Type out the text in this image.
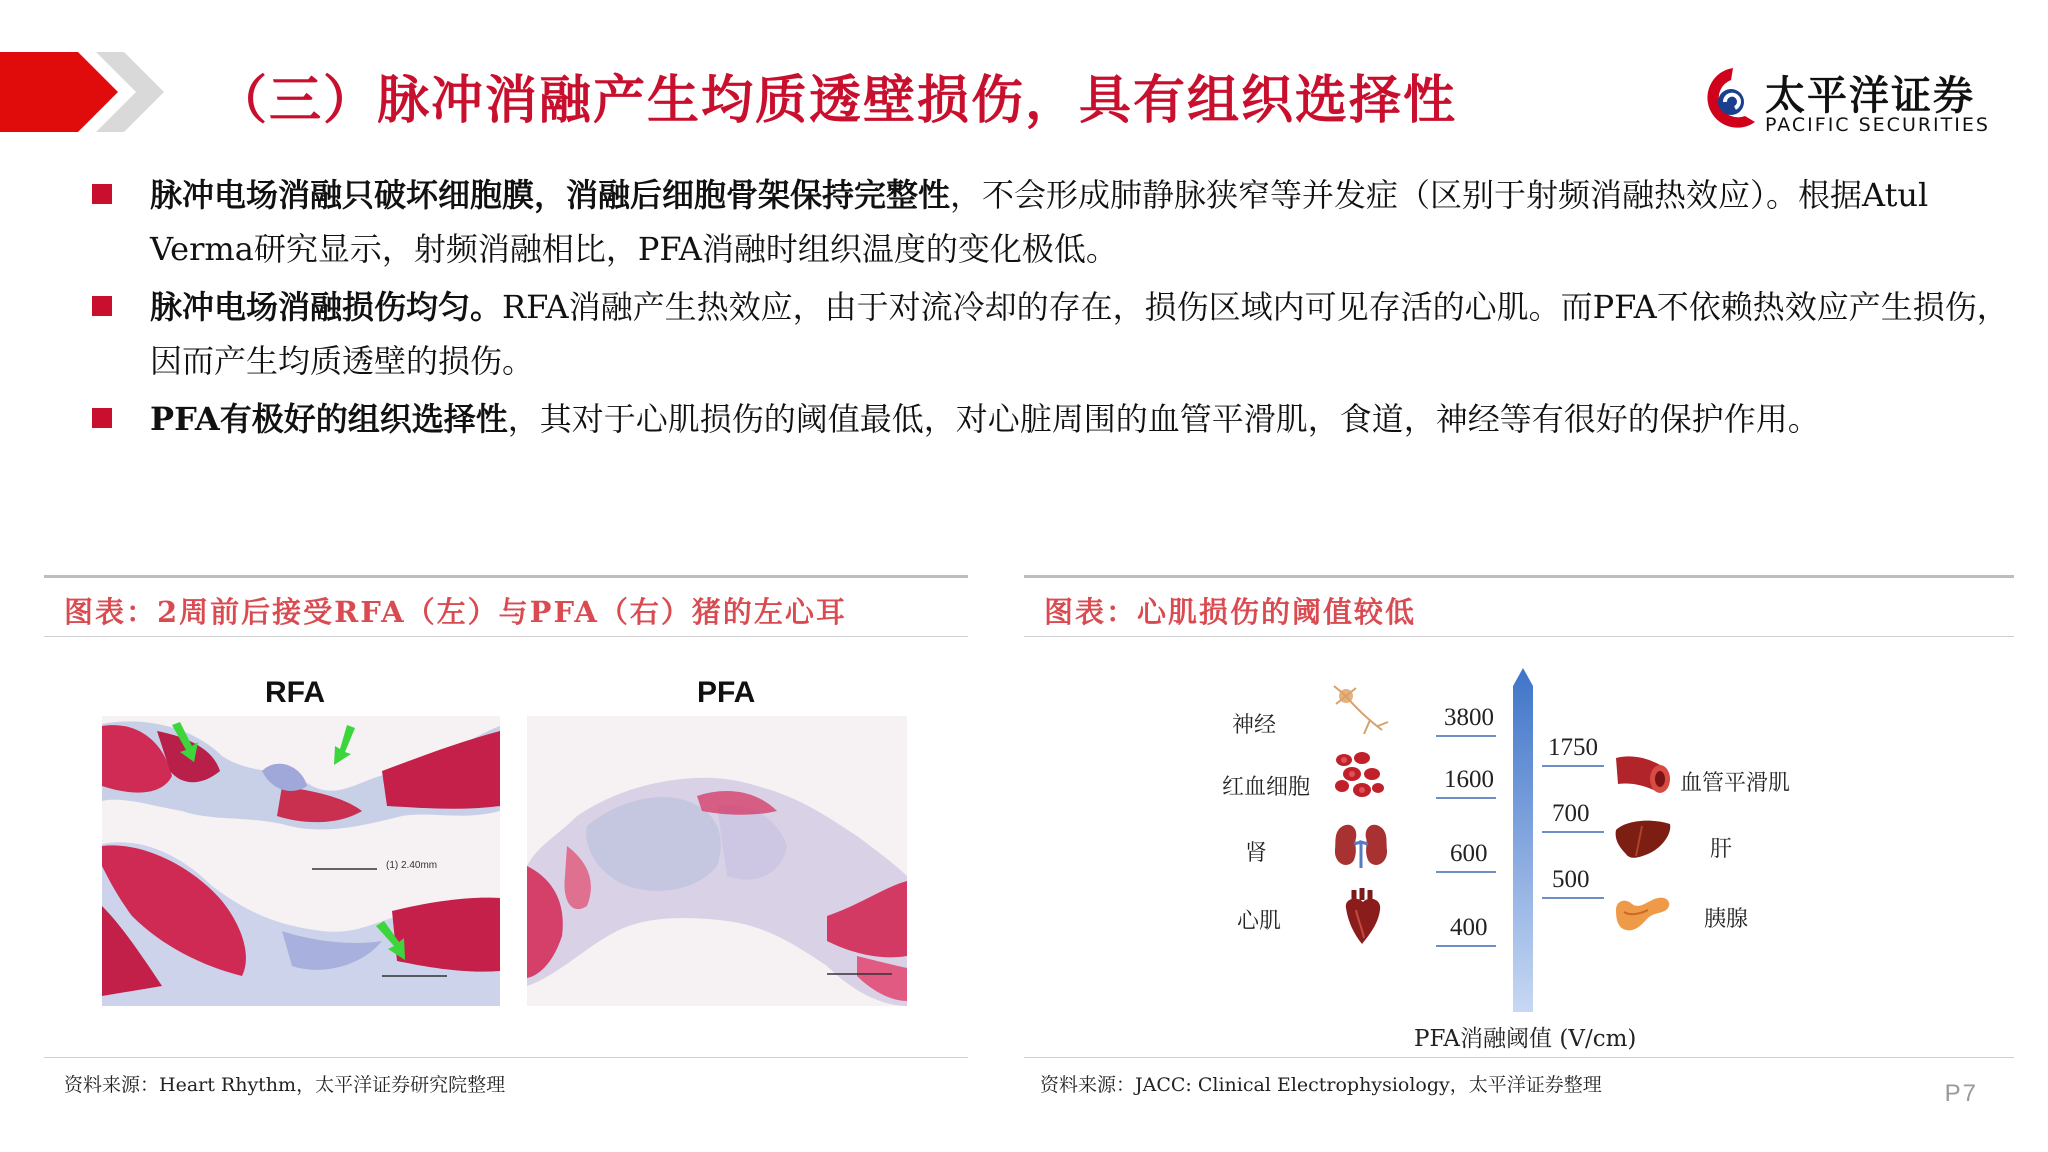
（三）脉冲消融产生均质透壁损伤，具有组织选择性	太平洋证券
PACIFIC SECURITIES
脉冲电场消融只破坏细胞膜，消融后细胞骨架保持完整性，不会形成肺静脉狭窄等并发症（区别于射频消融热效应）。根据Atul Verma研究显示，射频消融相比，PFA消融时组织温度的变化极低。
脉冲电场消融损伤均匀。RFA消融产生热效应，由于对流冷却的存在，损伤区域内可见存活的心肌。而PFA不依赖热效应产生损伤，因而产生均质透壁的损伤。
PFA有极好的组织选择性，其对于心肌损伤的阈值最低，对心脏周围的血管平滑肌，食道，神经等有很好的保护作用。
图表：2周前后接受RFA（左）与PFA（右）猪的左心耳
RFA	PFA
(1) 2.40mm
资料来源：Heart Rhythm，太平洋证券研究院整理
图表：心肌损伤的阈值较低
神经
红血细胞
肾
心肌
3800
1600
600
400
1750
700
500
血管平滑肌
肝
胰腺
PFA消融阈值 (V/cm)
资料来源：JACC: Clinical Electrophysiology，太平洋证券整理	P7
